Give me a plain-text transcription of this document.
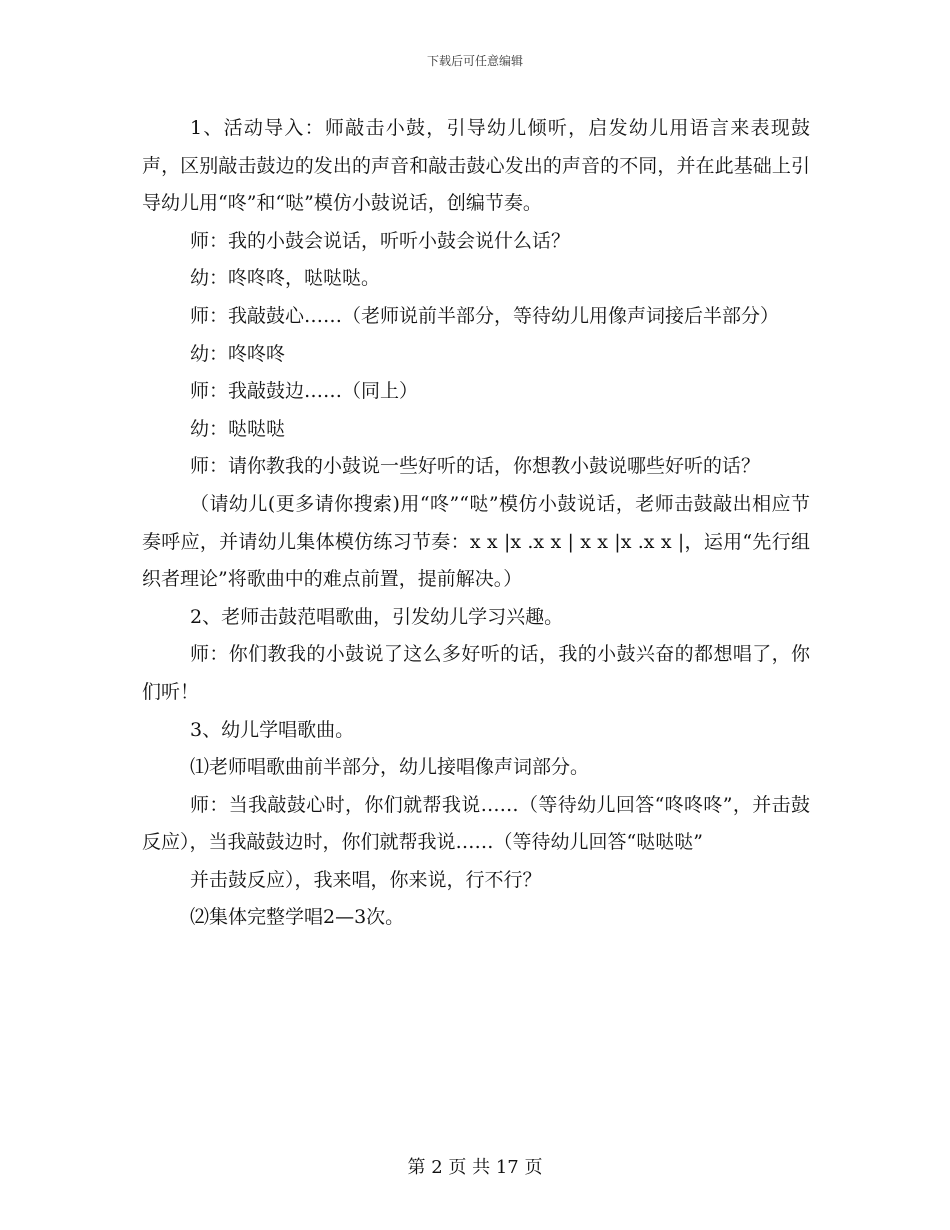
下载后可任意编辑

1、活动导入：师敲击小鼓，引导幼儿倾听，启发幼儿用语言来表现鼓声，区别敲击鼓边的发出的声音和敲击鼓心发出的声音的不同，并在此基础上引导幼儿用“咚”和“哒”模仿小鼓说话，创编节奏。

师：我的小鼓会说话，听听小鼓会说什么话？

幼：咚咚咚，哒哒哒。

师：我敲鼓心……（老师说前半部分，等待幼儿用像声词接后半部分）

幼：咚咚咚

师：我敲鼓边……（同上）

幼：哒哒哒

师：请你教我的小鼓说一些好听的话，你想教小鼓说哪些好听的话？

（请幼儿(更多请你搜索)用“咚”“哒”模仿小鼓说话，老师击鼓敲出相应节奏呼应，并请幼儿集体模仿练习节奏：x x |x .x x | x x |x .x x |，运用“先行组织者理论”将歌曲中的难点前置，提前解决。）

2、老师击鼓范唱歌曲，引发幼儿学习兴趣。

师：你们教我的小鼓说了这么多好听的话，我的小鼓兴奋的都想唱了，你们听！

3、幼儿学唱歌曲。

⑴老师唱歌曲前半部分，幼儿接唱像声词部分。

师：当我敲鼓心时，你们就帮我说……（等待幼儿回答“咚咚咚”，并击鼓反应），当我敲鼓边时，你们就帮我说……（等待幼儿回答“哒哒哒”

并击鼓反应），我来唱，你来说，行不行？

⑵集体完整学唱2—3次。

第 2 页 共 17 页
